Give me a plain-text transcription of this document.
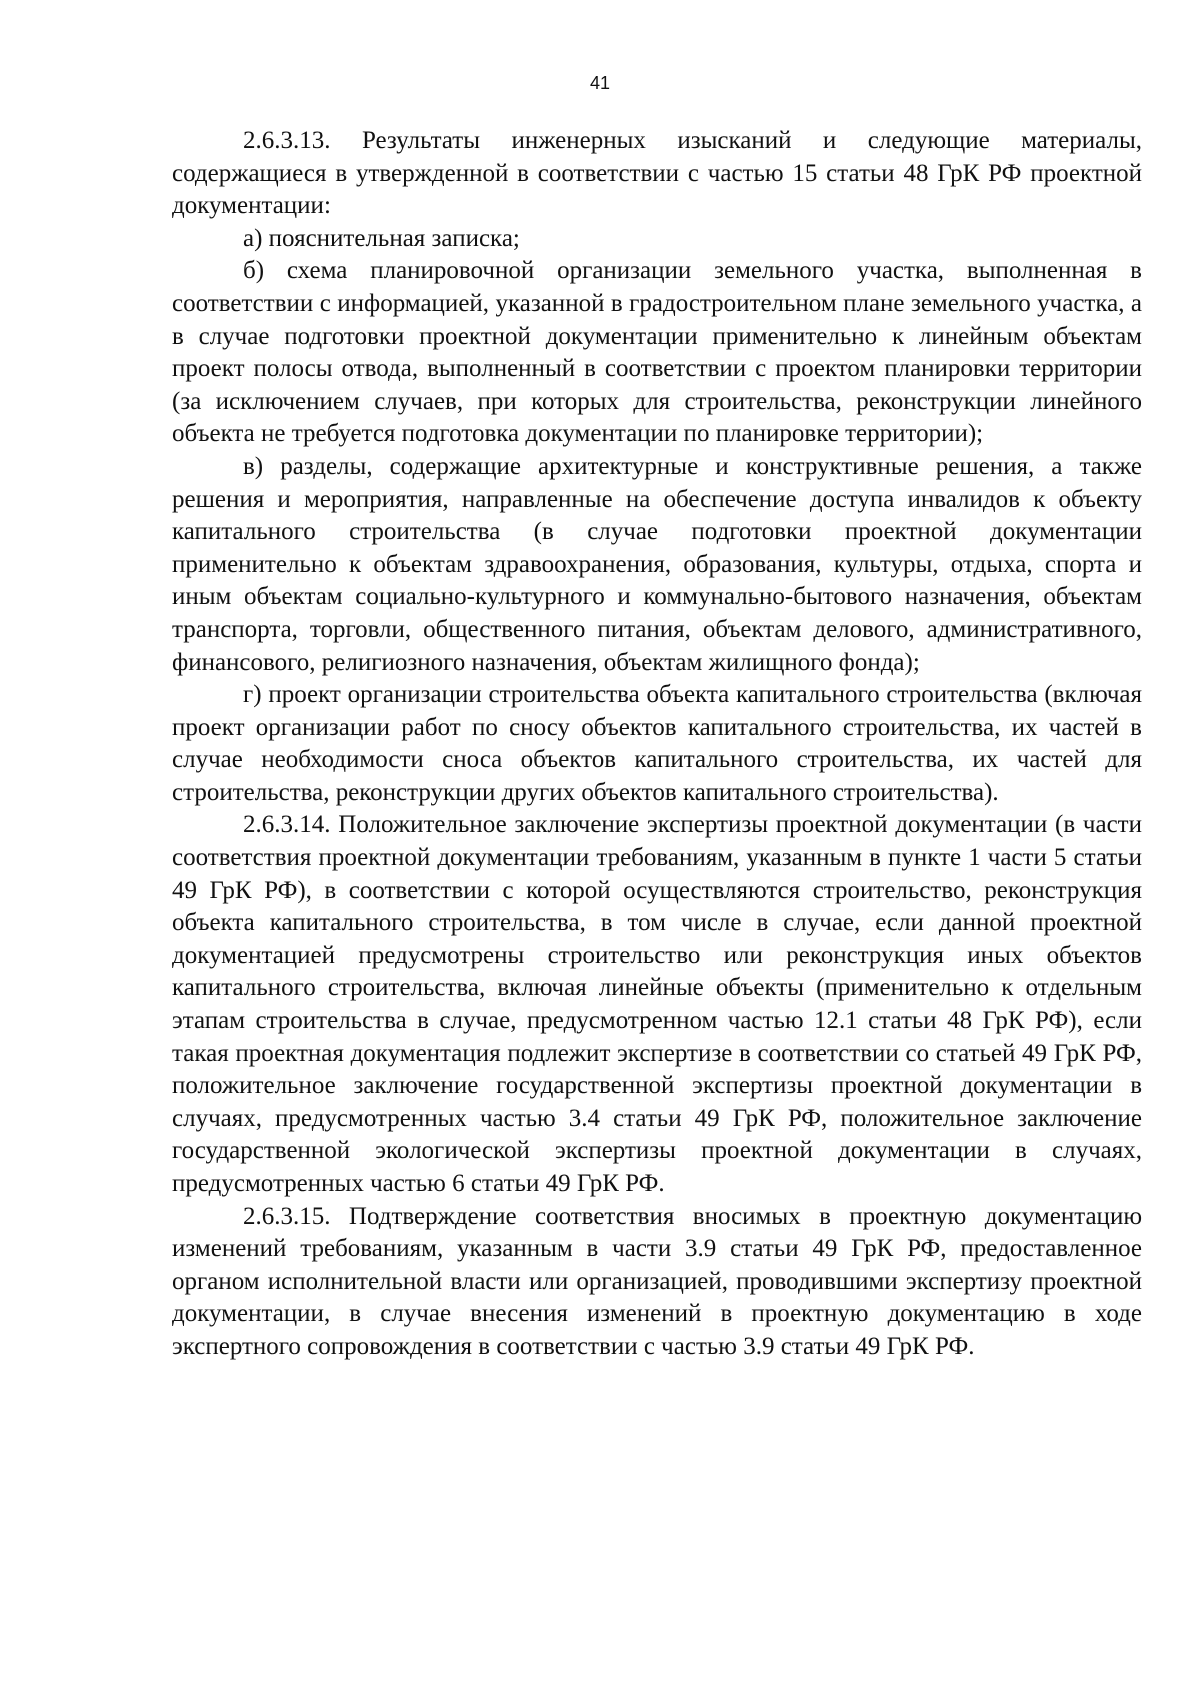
41

2.6.3.13. Результаты инженерных изысканий и следующие материалы, содержащиеся в утвержденной в соответствии с частью 15 статьи 48 ГрК РФ проектной документации:

а) пояснительная записка;

б) схема планировочной организации земельного участка, выполненная в соответствии с информацией, указанной в градостроительном плане земельного участка, а в случае подготовки проектной документации применительно к линейным объектам проект полосы отвода, выполненный в соответствии с проектом планировки территории (за исключением случаев, при которых для строительства, реконструкции линейного объекта не требуется подготовка документации по планировке территории);

в) разделы, содержащие архитектурные и конструктивные решения, а также решения и мероприятия, направленные на обеспечение доступа инвалидов к объекту капитального строительства (в случае подготовки проектной документации применительно к объектам здравоохранения, образования, культуры, отдыха, спорта и иным объектам социально-культурного и коммунально-бытового назначения, объектам транспорта, торговли, общественного питания, объектам делового, административного, финансового, религиозного назначения, объектам жилищного фонда);

г) проект организации строительства объекта капитального строительства (включая проект организации работ по сносу объектов капитального строительства, их частей в случае необходимости сноса объектов капитального строительства, их частей для строительства, реконструкции других объектов капитального строительства).

2.6.3.14. Положительное заключение экспертизы проектной документации (в части соответствия проектной документации требованиям, указанным в пункте 1 части 5 статьи 49 ГрК РФ), в соответствии с которой осуществляются строительство, реконструкция объекта капитального строительства, в том числе в случае, если данной проектной документацией предусмотрены строительство или реконструкция иных объектов капитального строительства, включая линейные объекты (применительно к отдельным этапам строительства в случае, предусмотренном частью 12.1 статьи 48 ГрК РФ), если такая проектная документация подлежит экспертизе в соответствии со статьей 49 ГрК РФ, положительное заключение государственной экспертизы проектной документации в случаях, предусмотренных частью 3.4 статьи 49 ГрК РФ, положительное заключение государственной экологической экспертизы проектной документации в случаях, предусмотренных частью 6 статьи 49 ГрК РФ.

2.6.3.15. Подтверждение соответствия вносимых в проектную документацию изменений требованиям, указанным в части 3.9 статьи 49 ГрК РФ, предоставленное органом исполнительной власти или организацией, проводившими экспертизу проектной документации, в случае внесения изменений в проектную документацию в ходе экспертного сопровождения в соответствии с частью 3.9 статьи 49 ГрК РФ.
